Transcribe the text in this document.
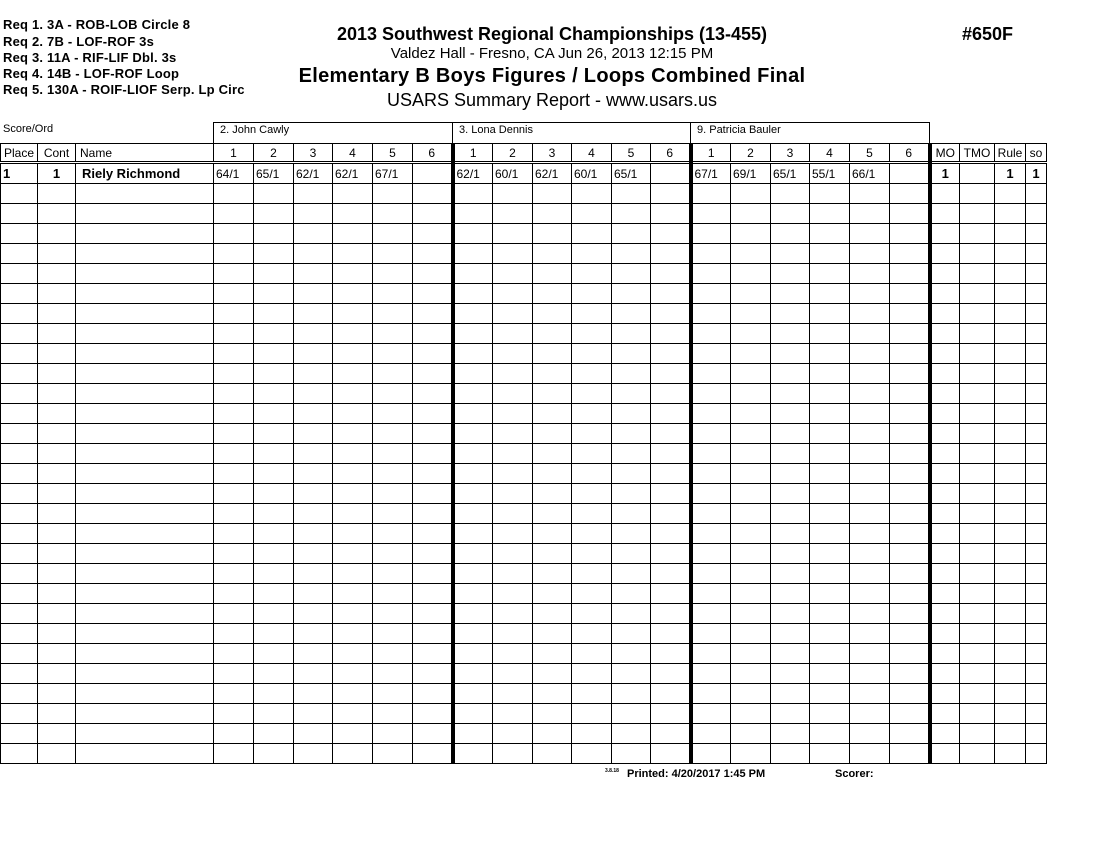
Req 1. 3A - ROB-LOB Circle 8
Req 2. 7B - LOF-ROF 3s
Req 3. 11A - RIF-LIF Dbl. 3s
Req 4. 14B - LOF-ROF Loop
Req 5. 130A - ROIF-LIOF Serp. Lp Circ
2013 Southwest Regional Championships (13-455)
Valdez Hall - Fresno, CA Jun 26, 2013 12:15 PM
Elementary B Boys Figures / Loops Combined Final
USARS Summary Report - www.usars.us
#650F
Score/Ord	2. John Cawly	3. Lona Dennis	9. Patricia Bauler
Place	Cont	Name	1	2	3	4	5	6	1	2	3	4	5	6	1	2	3	4	5	6	MO	TMO	Rule	so
1	1	Riely Richmond	64/1	65/1	62/1	62/1	67/1		62/1	60/1	62/1	60/1	65/1		67/1	69/1	65/1	55/1	66/1		1		1	1

3.8.18 Printed: 4/20/2017 1:45 PM	Scorer:
